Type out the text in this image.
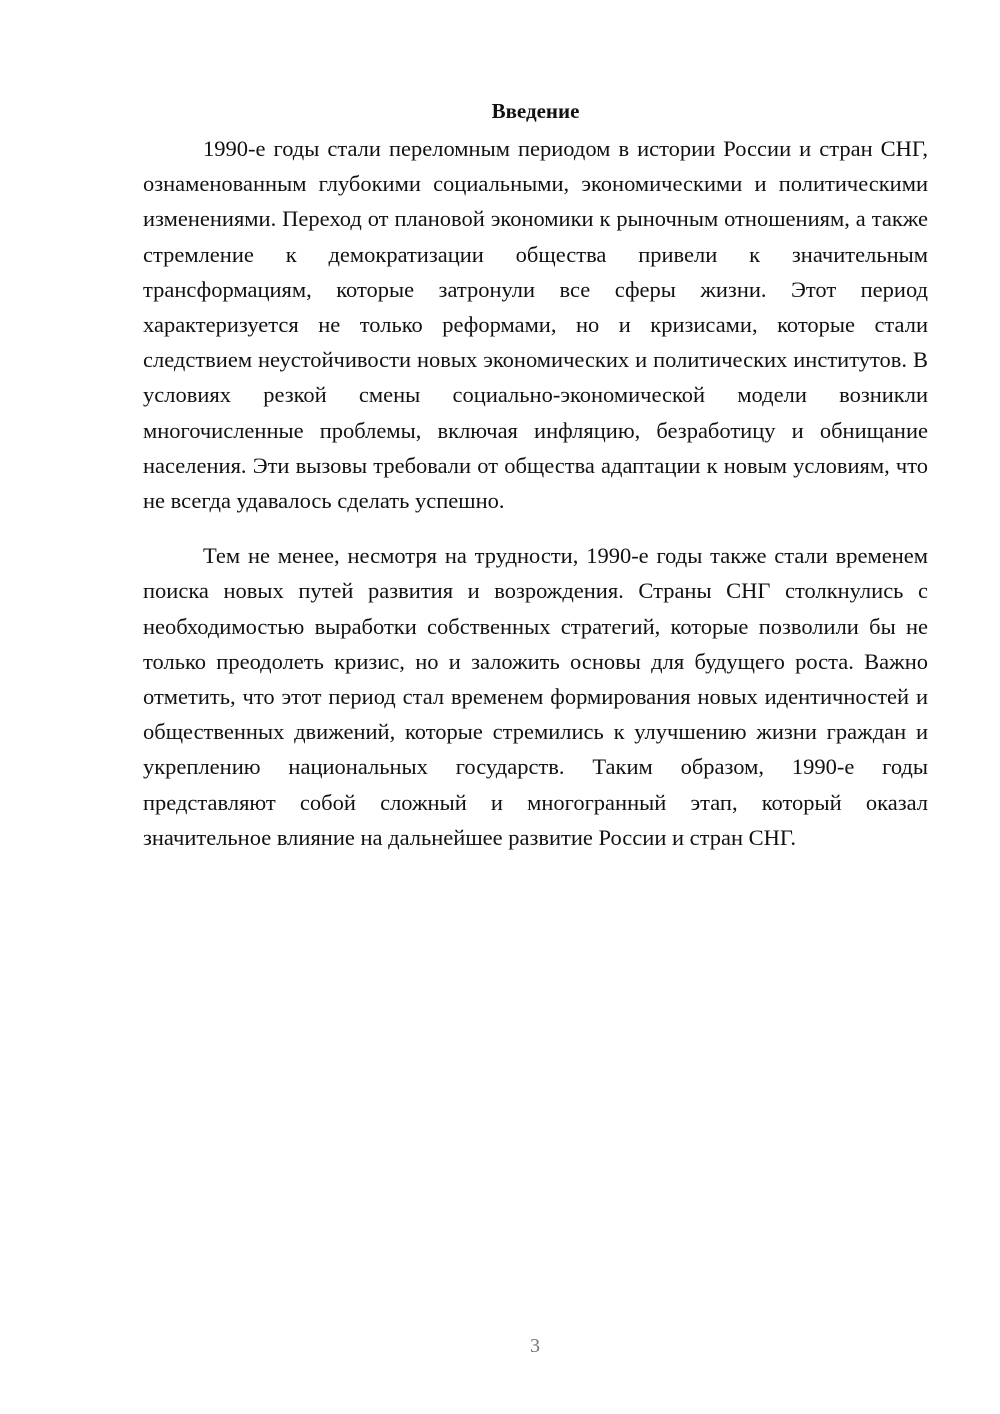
Введение

1990-е годы стали переломным периодом в истории России и стран СНГ, ознаменованным глубокими социальными, экономическими и политическими изменениями. Переход от плановой экономики к рыночным отношениям, а также стремление к демократизации общества привели к значительным трансформациям, которые затронули все сферы жизни. Этот период характеризуется не только реформами, но и кризисами, которые стали следствием неустойчивости новых экономических и политических институтов. В условиях резкой смены социально-экономической модели возникли многочисленные проблемы, включая инфляцию, безработицу и обнищание населения. Эти вызовы требовали от общества адаптации к новым условиям, что не всегда удавалось сделать успешно.

Тем не менее, несмотря на трудности, 1990-е годы также стали временем поиска новых путей развития и возрождения. Страны СНГ столкнулись с необходимостью выработки собственных стратегий, которые позволили бы не только преодолеть кризис, но и заложить основы для будущего роста. Важно отметить, что этот период стал временем формирования новых идентичностей и общественных движений, которые стремились к улучшению жизни граждан и укреплению национальных государств. Таким образом, 1990-е годы представляют собой сложный и многогранный этап, который оказал значительное влияние на дальнейшее развитие России и стран СНГ.

3
